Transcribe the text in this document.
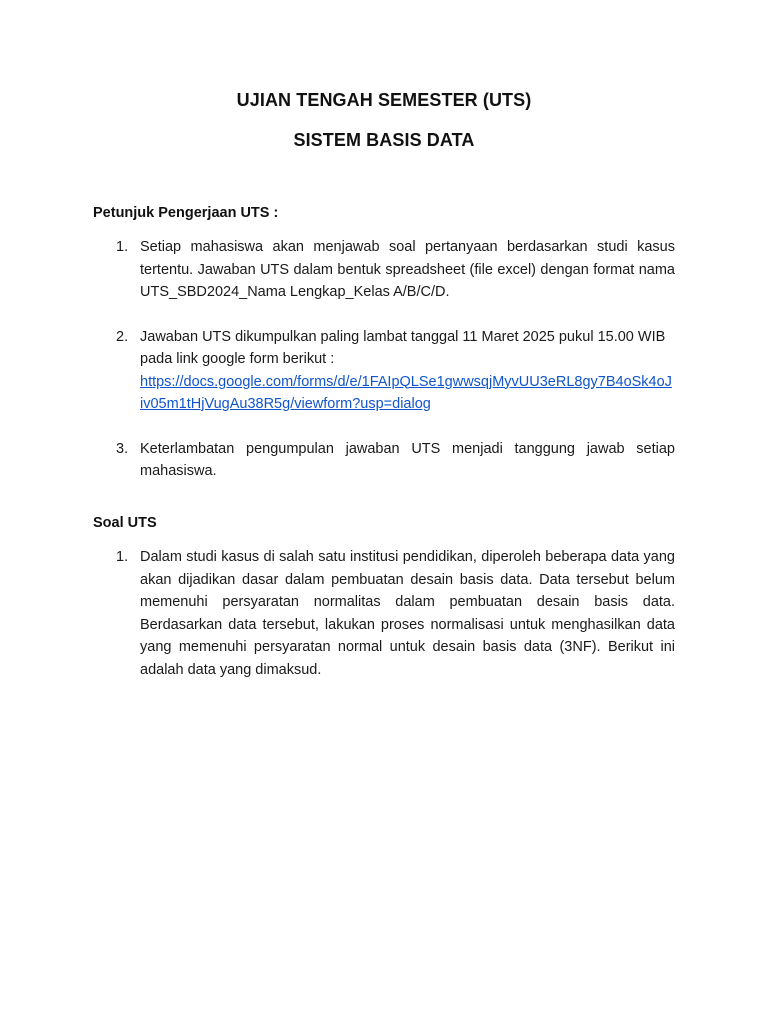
UJIAN TENGAH SEMESTER (UTS)
SISTEM BASIS DATA
Petunjuk Pengerjaan UTS :
1. Setiap mahasiswa akan menjawab soal pertanyaan berdasarkan studi kasus tertentu. Jawaban UTS dalam bentuk spreadsheet (file excel) dengan format nama UTS_SBD2024_Nama Lengkap_Kelas A/B/C/D.
2. Jawaban UTS dikumpulkan paling lambat tanggal 11 Maret 2025 pukul 15.00 WIB pada link google form berikut :
https://docs.google.com/forms/d/e/1FAIpQLSe1gwwsqjMyvUU3eRL8gy7B4oSk4oJiv05m1tHjVugAu38R5g/viewform?usp=dialog
3. Keterlambatan pengumpulan jawaban UTS menjadi tanggung jawab setiap mahasiswa.
Soal UTS
1. Dalam studi kasus di salah satu institusi pendidikan, diperoleh beberapa data yang akan dijadikan dasar dalam pembuatan desain basis data. Data tersebut belum memenuhi persyaratan normalitas dalam pembuatan desain basis data. Berdasarkan data tersebut, lakukan proses normalisasi untuk menghasilkan data yang memenuhi persyaratan normal untuk desain basis data (3NF). Berikut ini adalah data yang dimaksud.
